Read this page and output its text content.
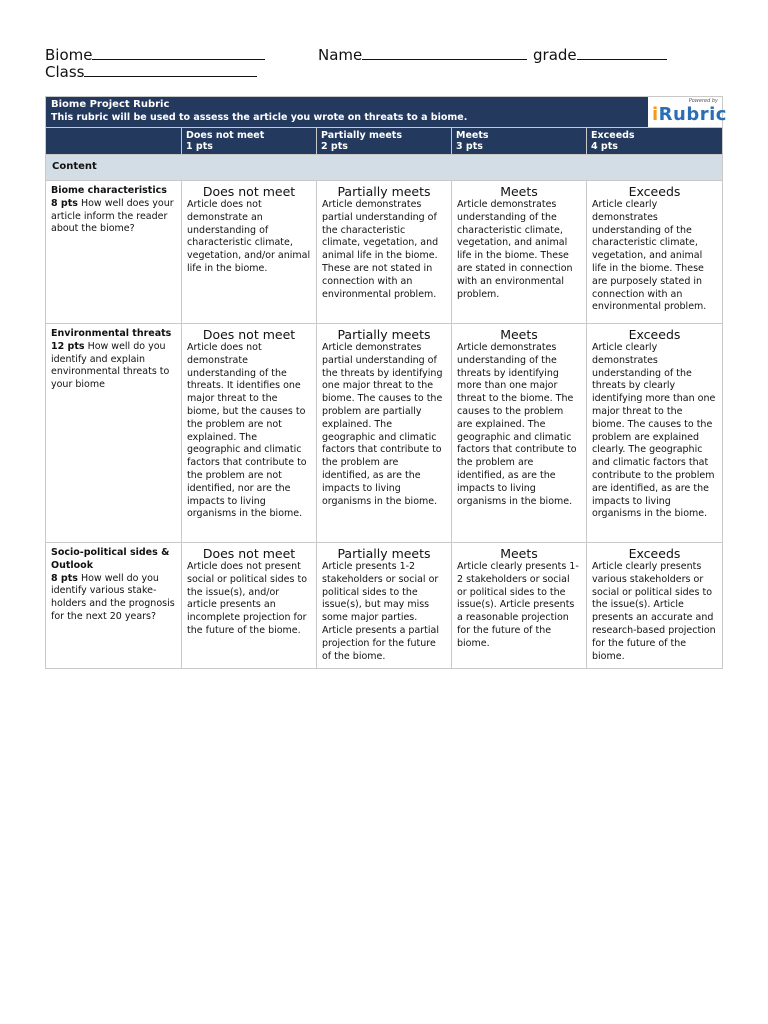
Biome	Name	grade
Class
Biome Project Rubric
This rubric will be used to assess the article you wrote on threats to a biome.
Powered by
iRubric
Does not meet
1 pts
Partially meets
2 pts
Meets
3 pts
Exceeds
4 pts
Content
Biome characteristics
8 pts How well does your article inform the reader about the biome?
Does not meet
Article does not demonstrate an understanding of characteristic climate, vegetation, and/or animal life in the biome.
Partially meets
Article demonstrates partial understanding of the characteristic climate, vegetation, and animal life in the biome. These are not stated in connection with an environmental problem.
Meets
Article demonstrates understanding of the characteristic climate, vegetation, and animal life in the biome. These are stated in connection with an environmental problem.
Exceeds
Article clearly demonstrates understanding of the characteristic climate, vegetation, and animal life in the biome. These are purposely stated in connection with an environmental problem.
Environmental threats
12 pts How well do you identify and explain environmental threats to your biome
Does not meet
Article does not demonstrate understanding of the threats. It identifies one major threat to the biome, but the causes to the problem are not explained. The geographic and climatic factors that contribute to the problem are not identified, nor are the impacts to living organisms in the biome.
Partially meets
Article demonstrates partial understanding of the threats by identifying one major threat to the biome. The causes to the problem are partially explained. The geographic and climatic factors that contribute to the problem are identified, as are the impacts to living organisms in the biome.
Meets
Article demonstrates understanding of the threats by identifying more than one major threat to the biome. The causes to the problem are explained. The geographic and climatic factors that contribute to the problem are identified, as are the impacts to living organisms in the biome.
Exceeds
Article clearly demonstrates understanding of the threats by clearly identifying more than one major threat to the biome. The causes to the problem are explained clearly. The geographic and climatic factors that contribute to the problem are identified, as are the impacts to living organisms in the biome.
Socio-political sides & Outlook
8 pts How well do you identify various stake-holders and the prognosis for the next 20 years?
Does not meet
Article does not present social or political sides to the issue(s), and/or article presents an incomplete projection for the future of the biome.
Partially meets
Article presents 1-2 stakeholders or social or political sides to the issue(s), but may miss some major parties. Article presents a partial projection for the future of the biome.
Meets
Article clearly presents 1-2 stakeholders or social or political sides to the issue(s). Article presents a reasonable projection for the future of the biome.
Exceeds
Article clearly presents various stakeholders or social or political sides to the issue(s). Article presents an accurate and research-based projection for the future of the biome.
